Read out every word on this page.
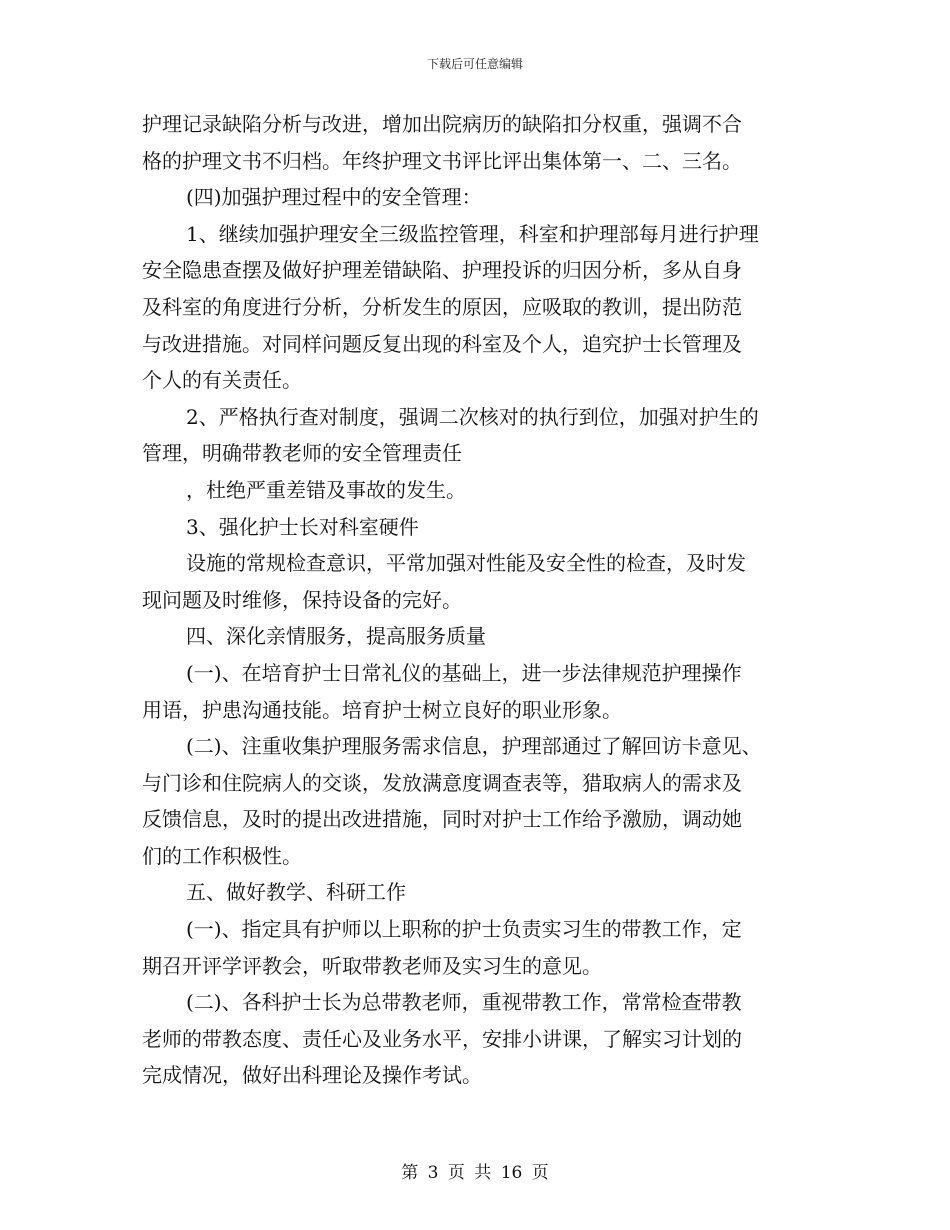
下载后可任意编辑
护理记录缺陷分析与改进，增加出院病历的缺陷扣分权重，强调不合
格的护理文书不归档。年终护理文书评比评出集体第一、二、三名。
(四)加强护理过程中的安全管理：
1、继续加强护理安全三级监控管理，科室和护理部每月进行护理
安全隐患查摆及做好护理差错缺陷、护理投诉的归因分析，多从自身
及科室的角度进行分析，分析发生的原因，应吸取的教训，提出防范
与改进措施。对同样问题反复出现的科室及个人，追究护士长管理及
个人的有关责任。
2、严格执行查对制度，强调二次核对的执行到位，加强对护生的
管理，明确带教老师的安全管理责任
，杜绝严重差错及事故的发生。
3、强化护士长对科室硬件
设施的常规检查意识，平常加强对性能及安全性的检查，及时发
现问题及时维修，保持设备的完好。
四、深化亲情服务，提高服务质量
(一)、在培育护士日常礼仪的基础上，进一步法律规范护理操作
用语，护患沟通技能。培育护士树立良好的职业形象。
(二)、注重收集护理服务需求信息，护理部通过了解回访卡意见、
与门诊和住院病人的交谈，发放满意度调查表等，猎取病人的需求及
反馈信息，及时的提出改进措施，同时对护士工作给予激励，调动她
们的工作积极性。
五、做好教学、科研工作
(一)、指定具有护师以上职称的护士负责实习生的带教工作，定
期召开评学评教会，听取带教老师及实习生的意见。
(二)、各科护士长为总带教老师，重视带教工作，常常检查带教
老师的带教态度、责任心及业务水平，安排小讲课，了解实习计划的
完成情况，做好出科理论及操作考试。
第 3 页 共 16 页
